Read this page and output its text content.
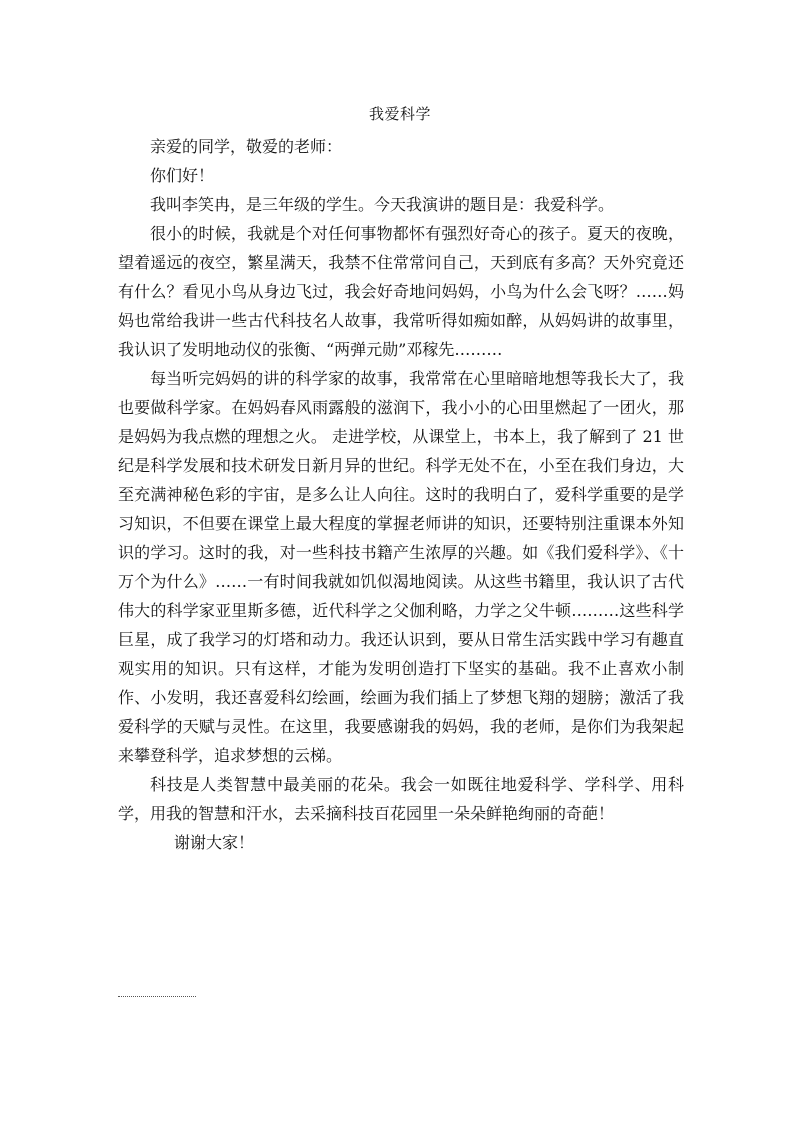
我爱科学

亲爱的同学，敬爱的老师：

你们好！

我叫李笑冉，是三年级的学生。今天我演讲的题目是：我爱科学。

很小的时候，我就是个对任何事物都怀有强烈好奇心的孩子。夏天的夜晚，望着遥远的夜空，繁星满天，我禁不住常常问自己，天到底有多高？天外究竟还有什么？看见小鸟从身边飞过，我会好奇地问妈妈，小鸟为什么会飞呀？……妈妈也常给我讲一些古代科技名人故事，我常听得如痴如醉，从妈妈讲的故事里，我认识了发明地动仪的张衡、“两弹元勋”邓稼先………

每当听完妈妈的讲的科学家的故事，我常常在心里暗暗地想等我长大了，我也要做科学家。在妈妈春风雨露般的滋润下，我小小的心田里燃起了一团火，那是妈妈为我点燃的理想之火。 走进学校，从课堂上，书本上，我了解到了 21 世纪是科学发展和技术研发日新月异的世纪。科学无处不在，小至在我们身边，大至充满神秘色彩的宇宙，是多么让人向往。这时的我明白了，爱科学重要的是学习知识，不但要在课堂上最大程度的掌握老师讲的知识，还要特别注重课本外知识的学习。这时的我，对一些科技书籍产生浓厚的兴趣。如《我们爱科学》、《十万个为什么》……一有时间我就如饥似渴地阅读。从这些书籍里，我认识了古代伟大的科学家亚里斯多德，近代科学之父伽利略，力学之父牛顿………这些科学巨星，成了我学习的灯塔和动力。我还认识到，要从日常生活实践中学习有趣直观实用的知识。只有这样，才能为发明创造打下坚实的基础。我不止喜欢小制作、小发明，我还喜爱科幻绘画，绘画为我们插上了梦想飞翔的翅膀；激活了我爱科学的天赋与灵性。在这里，我要感谢我的妈妈，我的老师，是你们为我架起来攀登科学，追求梦想的云梯。

科技是人类智慧中最美丽的花朵。我会一如既往地爱科学、学科学、用科学，用我的智慧和汗水，去采摘科技百花园里一朵朵鲜艳绚丽的奇葩！

谢谢大家！
